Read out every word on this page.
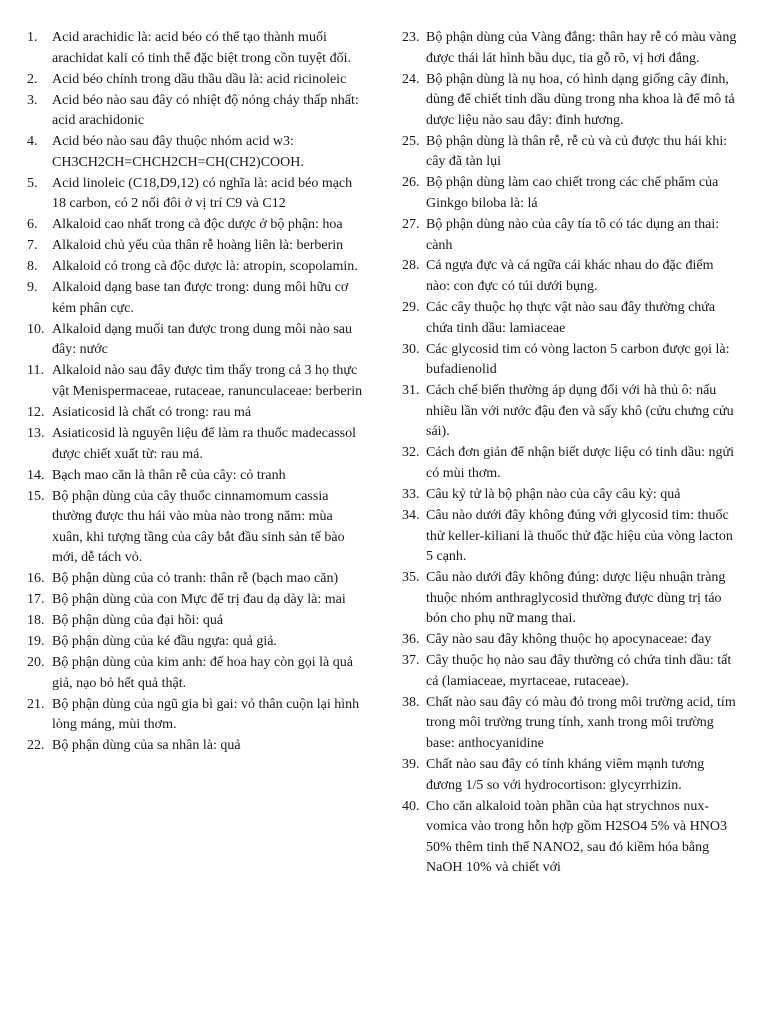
1.	Acid arachidic là: acid béo có thể tạo thành muối arachidat kali có tinh thể đặc biệt trong cồn tuyệt đối.
2.	Acid béo chính trong dầu thầu dầu là: acid ricinoleic
3.	Acid béo nào sau đây có nhiệt độ nóng chảy thấp nhất: acid arachidonic
4.	Acid béo nào sau đây thuộc nhóm acid w3: CH3CH2CH=CHCH2CH=CH(CH2)COOH.
5.	Acid linoleic (C18,D9,12) có nghĩa là: acid béo mạch 18 carbon, có 2 nối đôi ở vị trí C9 và C12
6.	Alkaloid cao nhất trong cà độc dược ở bộ phận: hoa
7.	Alkaloid chủ yếu của thân rễ hoàng liên là: berberin
8.	Alkaloid có trong cà độc dược là: atropin, scopolamin.
9.	Alkaloid dạng base tan được trong: dung môi hữu cơ kém phân cực.
10. Alkaloid dạng muối tan được trong dung môi nào sau đây: nước
11. Alkaloid nào sau đây được tìm thấy trong cả 3 họ thực vật Menispermaceae, rutaceae, ranunculaceae: berberin
12. Asiaticosid là chất có trong: rau má
13. Asiaticosid là nguyên liệu để làm ra thuốc madecassol được chiết xuất từ: rau má.
14. Bạch mao căn là thân rễ của cây: cỏ tranh
15. Bộ phận dùng của cây thuốc cinnamomum cassia thường được thu hái vào mùa nào trong năm: mùa xuân, khi tượng tầng của cây bắt đầu sinh sản tế bào mới, dễ tách vỏ.
16. Bộ phận dùng của cỏ tranh: thân rễ (bạch mao căn)
17. Bộ phận dùng của con Mực để trị đau dạ dày là: mai
18. Bộ phận dùng của đại hồi: quả
19. Bộ phận dùng của ké đầu ngựa: quả giả.
20. Bộ phận dùng của kim anh: đế hoa hay còn gọi là quả giả, nạo bỏ hết quả thật.
21. Bộ phận dùng của ngũ gia bì gai: vỏ thân cuộn lại hình lòng máng, mùi thơm.
22. Bộ phận dùng của sa nhân là: quả
23. Bộ phận dùng của Vàng đắng: thân hay rễ có màu vàng được thái lát hình bầu dục, tia gỗ rõ, vị hơi đắng.
24. Bộ phận dùng là nụ hoa, có hình dạng giống cây đinh, dùng để chiết tinh dầu dùng trong nha khoa là để mô tả dược liệu nào sau đây: đinh hương.
25. Bộ phận dùng là thân rễ, rễ củ và củ được thu hái khi: cây đã tàn lụi
26. Bộ phận dùng làm cao chiết trong các chế phẩm của Ginkgo biloba là: lá
27. Bộ phận dùng nào của cây tía tô có tác dụng an thai: cành
28. Cá ngựa đực và cá ngữa cái khác nhau do đặc điểm nào: con đực có túi dưới bụng.
29. Các cây thuộc họ thực vật nào sau đây thường chứa chứa tinh dầu: lamiaceae
30. Các glycosid tim có vòng lacton 5 carbon được gọi là: bufadienolid
31. Cách chế biến thường áp dụng đối với hà thủ ô: nấu nhiều lần với nước đậu đen và sấy khô (cửu chưng cửu sái).
32. Cách đơn giản để nhận biết dược liệu có tinh dầu: ngửi có mùi thơm.
33. Câu kỷ tử là bộ phận nào của cây câu kỷ: quả
34. Câu nào dưới đây không đúng với glycosid tim: thuốc thử keller-kiliani là thuốc thử đặc hiệu của vòng lacton 5 cạnh.
35. Câu nào dưới đây không đúng: dược liệu nhuận tràng thuộc nhóm anthraglycosid thường được dùng trị táo bón cho phụ nữ mang thai.
36. Cây nào sau đây không thuộc họ apocynaceae: đay
37. Cây thuộc họ nào sau đây thường có chứa tinh dầu: tất cả (lamiaceae, myrtaceae, rutaceae).
38. Chất nào sau đây có màu đỏ trong môi trường acid, tím trong môi trường trung tính, xanh trong môi trường base: anthocyanidine
39. Chất nào sau đây có tính kháng viêm mạnh tương đương 1/5 so với hydrocortison: glycyrrhizin.
40. Cho căn alkaloid toàn phần của hạt strychnos nux-vomica vào trong hỗn hợp gồm H2SO4 5% và HNO3 50% thêm tinh thể NANO2, sau đó kiềm hóa bằng NaOH 10% và chiết với
